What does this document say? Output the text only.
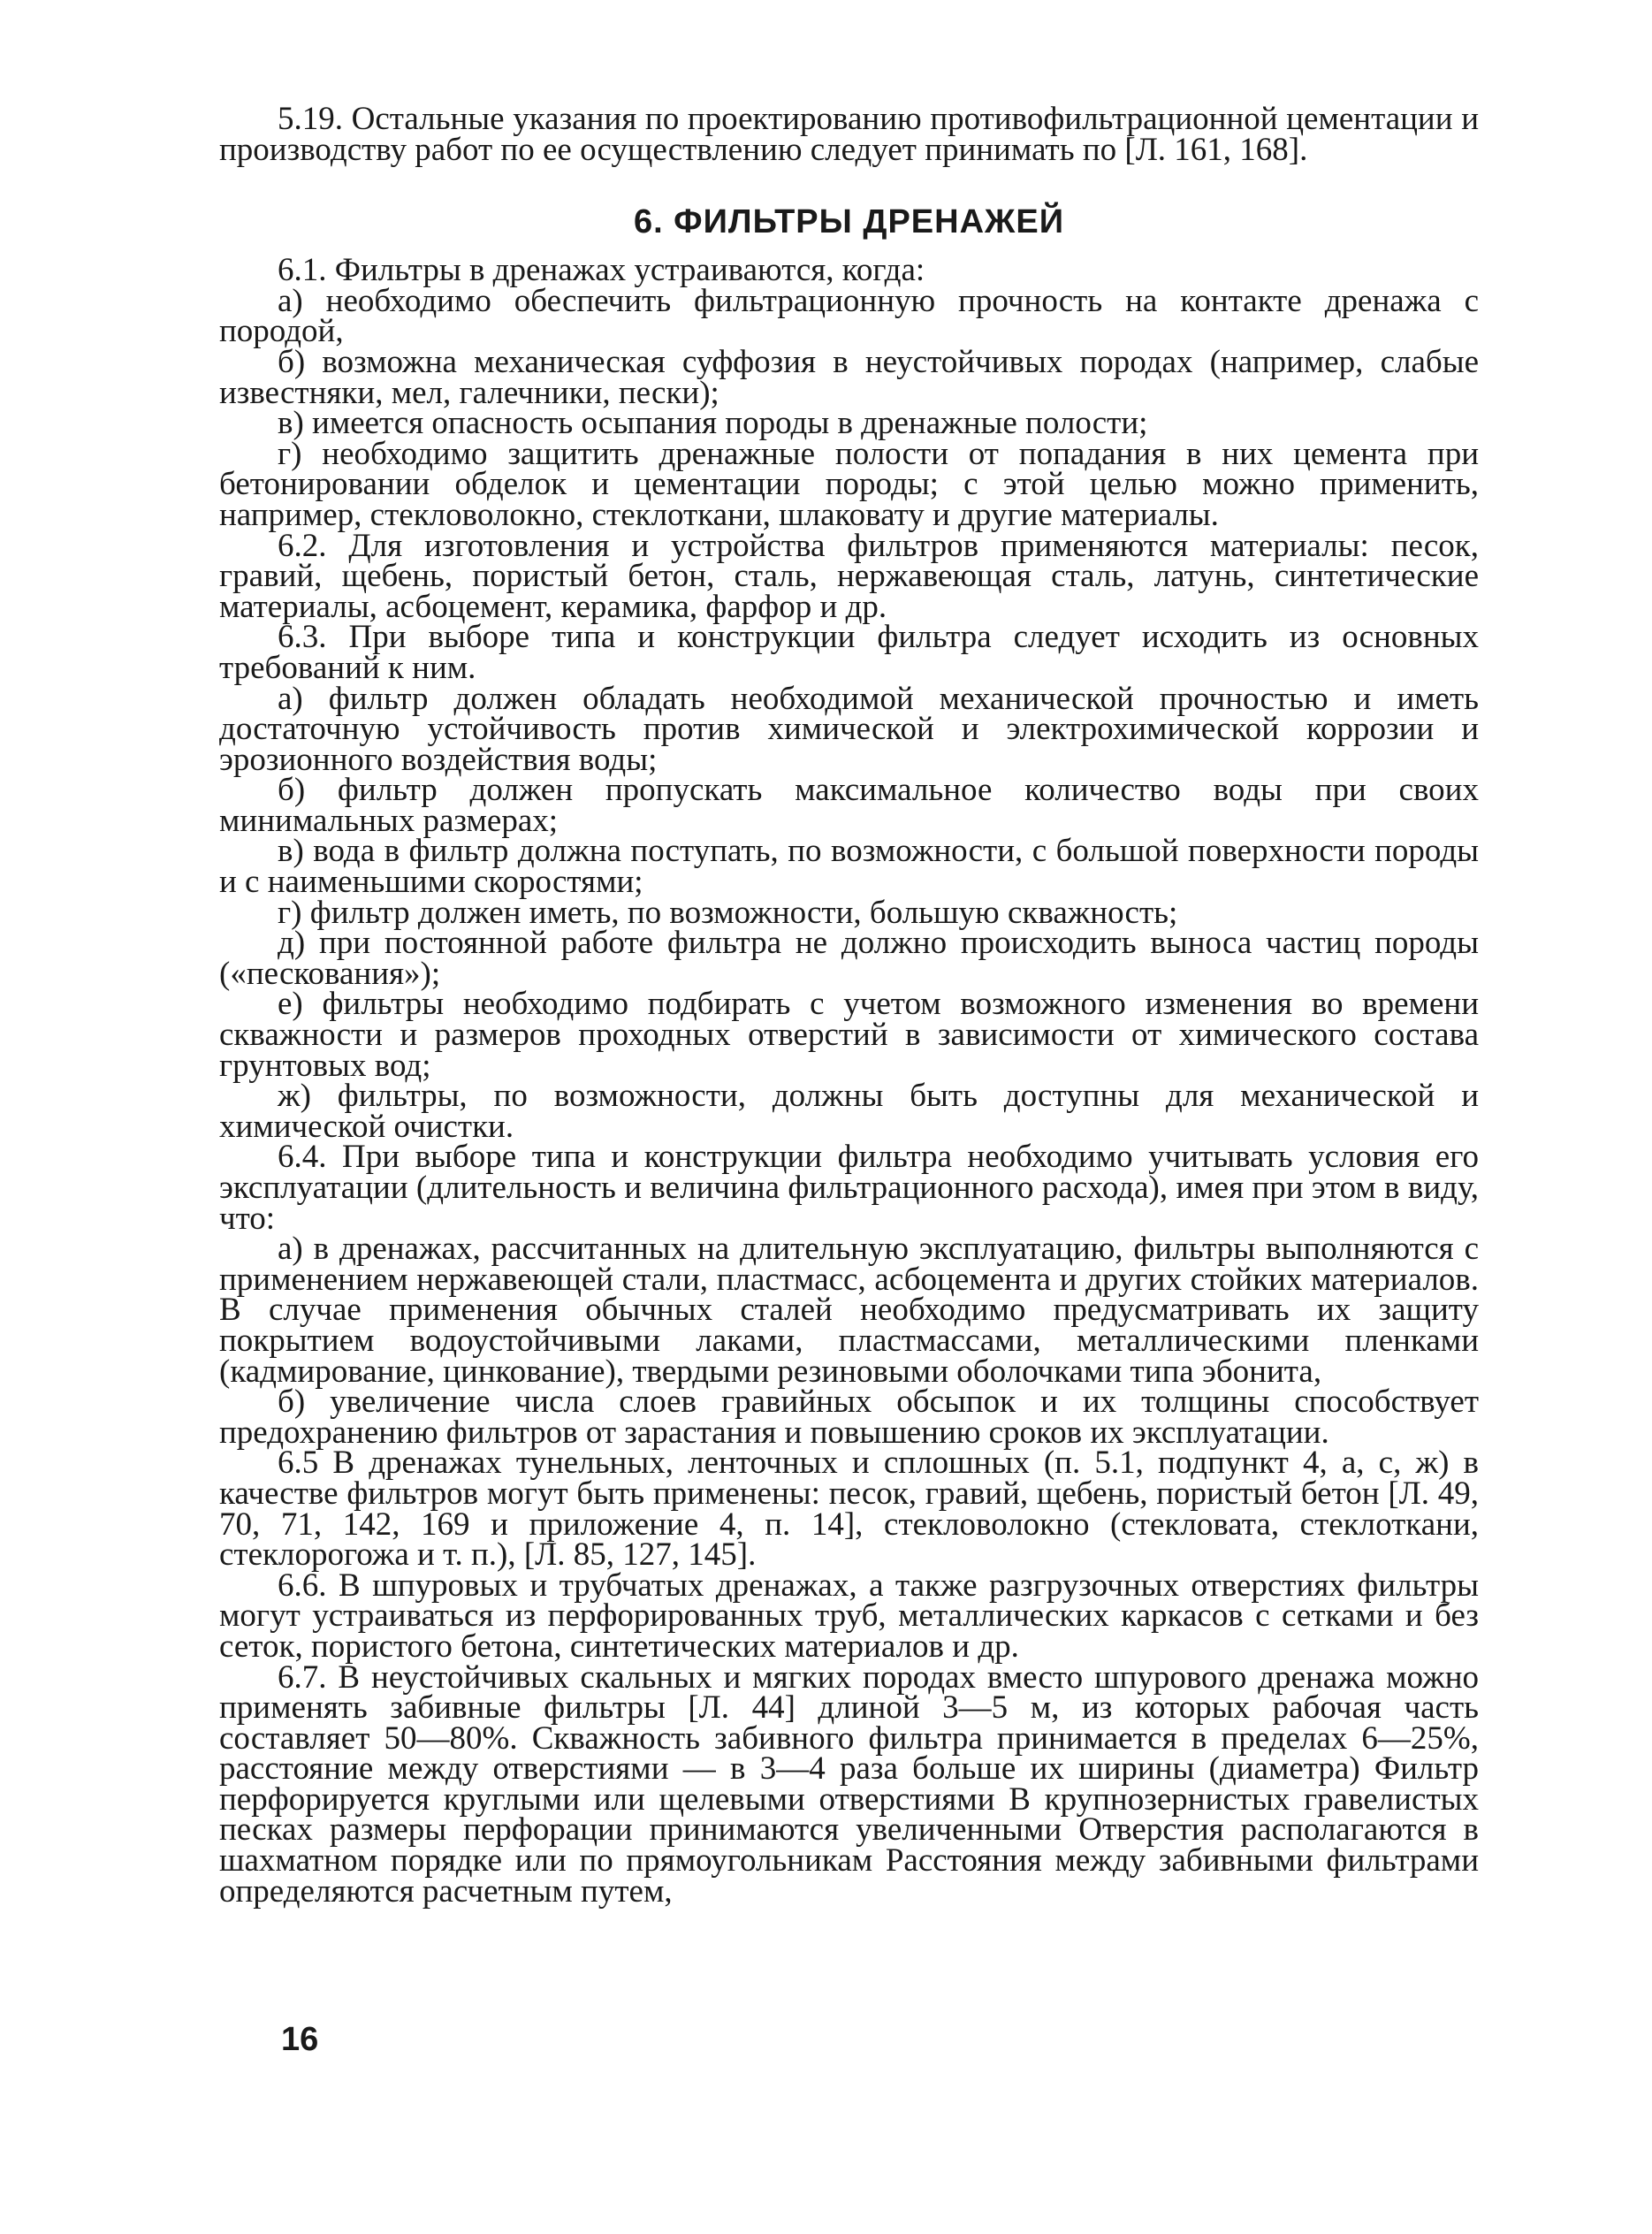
5.19. Остальные указания по проектированию противофильтрационной цементации и производству работ по ее осуществлению следует принимать по [Л. 161, 168].

6. ФИЛЬТРЫ ДРЕНАЖЕЙ

6.1. Фильтры в дренажах устраиваются, когда:

а) необходимо обеспечить фильтрационную прочность на контакте дренажа с породой,

б) возможна механическая суффозия в неустойчивых породах (например, слабые известняки, мел, галечники, пески);

в) имеется опасность осыпания породы в дренажные полости;

г) необходимо защитить дренажные полости от попадания в них цемента при бетонировании обделок и цементации породы; с этой целью можно применить, например, стекловолокно, стеклоткани, шлаковату и другие материалы.

6.2. Для изготовления и устройства фильтров применяются материалы: песок, гравий, щебень, пористый бетон, сталь, нержавеющая сталь, латунь, синтетические материалы, асбоцемент, керамика, фарфор и др.

6.3. При выборе типа и конструкции фильтра следует исходить из основных требований к ним.

а) фильтр должен обладать необходимой механической прочностью и иметь достаточную устойчивость против химической и электрохимической коррозии и эрозионного воздействия воды;

б) фильтр должен пропускать максимальное количество воды при своих минимальных размерах;

в) вода в фильтр должна поступать, по возможности, с большой поверхности породы и с наименьшими скоростями;

г) фильтр должен иметь, по возможности, большую скважность;

д) при постоянной работе фильтра не должно происходить выноса частиц породы («пескования»);

е) фильтры необходимо подбирать с учетом возможного изменения во времени скважности и размеров проходных отверстий в зависимости от химического состава грунтовых вод;

ж) фильтры, по возможности, должны быть доступны для механической и химической очистки.

6.4. При выборе типа и конструкции фильтра необходимо учитывать условия его эксплуатации (длительность и величина фильтрационного расхода), имея при этом в виду, что:

а) в дренажах, рассчитанных на длительную эксплуатацию, фильтры выполняются с применением нержавеющей стали, пластмасс, асбоцемента и других стойких материалов. В случае применения обычных сталей необходимо предусматривать их защиту покрытием водоустойчивыми лаками, пластмассами, металлическими пленками (кадмирование, цинкование), твердыми резиновыми оболочками типа эбонита,

б) увеличение числа слоев гравийных обсыпок и их толщины способствует предохранению фильтров от зарастания и повышению сроков их эксплуатации.

6.5 В дренажах тунельных, ленточных и сплошных (п. 5.1, подпункт 4, а, с, ж) в качестве фильтров могут быть применены: песок, гравий, щебень, пористый бетон [Л. 49, 70, 71, 142, 169 и приложение 4, п. 14], стекловолокно (стекловата, стеклоткани, стеклорогожа и т. п.), [Л. 85, 127, 145].

6.6. В шпуровых и трубчатых дренажах, а также разгрузочных отверстиях фильтры могут устраиваться из перфорированных труб, металлических каркасов с сетками и без сеток, пористого бетона, синтетических материалов и др.

6.7. В неустойчивых скальных и мягких породах вместо шпурового дренажа можно применять забивные фильтры [Л. 44] длиной 3—5 м, из которых рабочая часть составляет 50—80%. Скважность забивного фильтра принимается в пределах 6—25%, расстояние между отверстиями — в 3—4 раза больше их ширины (диаметра) Фильтр перфорируется круглыми или щелевыми отверстиями В крупнозернистых гравелистых песках размеры перфорации принимаются увеличенными Отверстия располагаются в шахматном порядке или по прямоугольникам Расстояния между забивными фильтрами определяются расчетным путем,

16
